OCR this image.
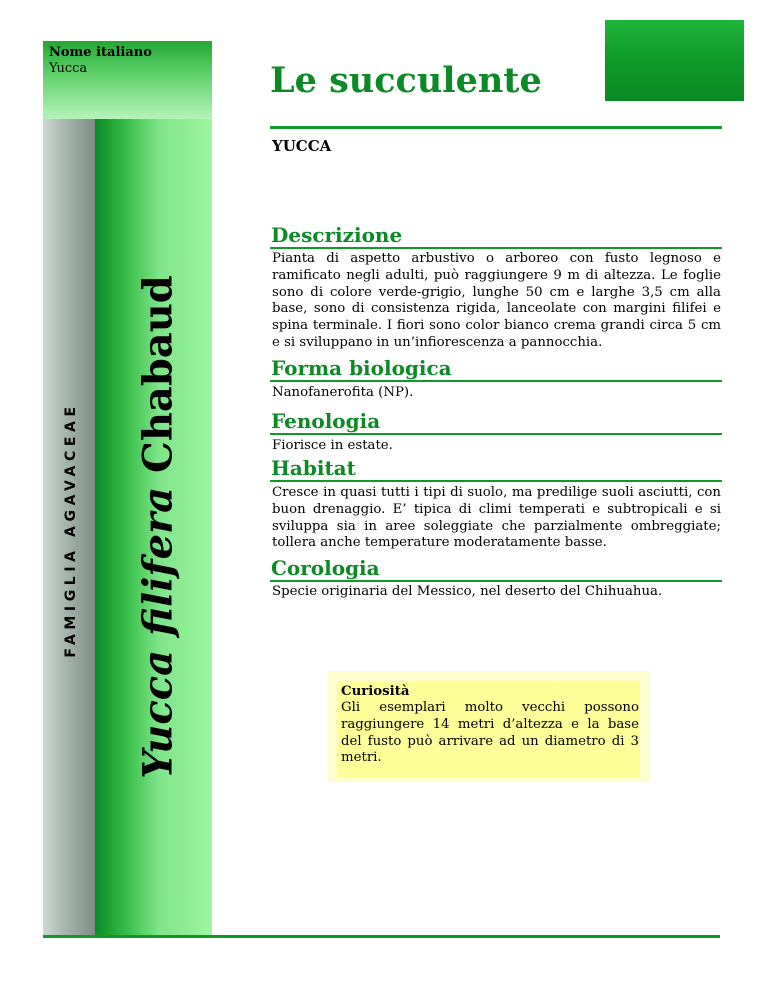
Nome italiano
Yucca
FAMIGLIA AGAVACEAE Yucca filifera Chabaud
Le succulente
YUCCA
Descrizione
Pianta di aspetto arbustivo o arboreo con fusto legnoso e ramificato negli adulti, può raggiungere 9 m di altezza. Le foglie sono di colore verde-grigio, lunghe 50 cm e larghe 3,5 cm alla base, sono di consistenza rigida, lanceolate con margini filifei e spina terminale. I fiori sono color bianco crema grandi circa 5 cm e si sviluppano in un’infiorescenza a pannocchia.
Forma biologica
Nanofanerofita (NP).
Fenologia
Fiorisce in estate.
Habitat
Cresce in quasi tutti i tipi di suolo, ma predilige suoli asciutti, con buon drenaggio. E’ tipica di climi temperati e subtropicali e si sviluppa sia in aree soleggiate che parzialmente ombreggiate; tollera anche temperature moderatamente basse.
Corologia
Specie originaria del Messico, nel deserto del Chihuahua.
Curiosità
Gli esemplari molto vecchi possono raggiungere 14 metri d’altezza e la base del fusto può arrivare ad un diametro di 3 metri.
